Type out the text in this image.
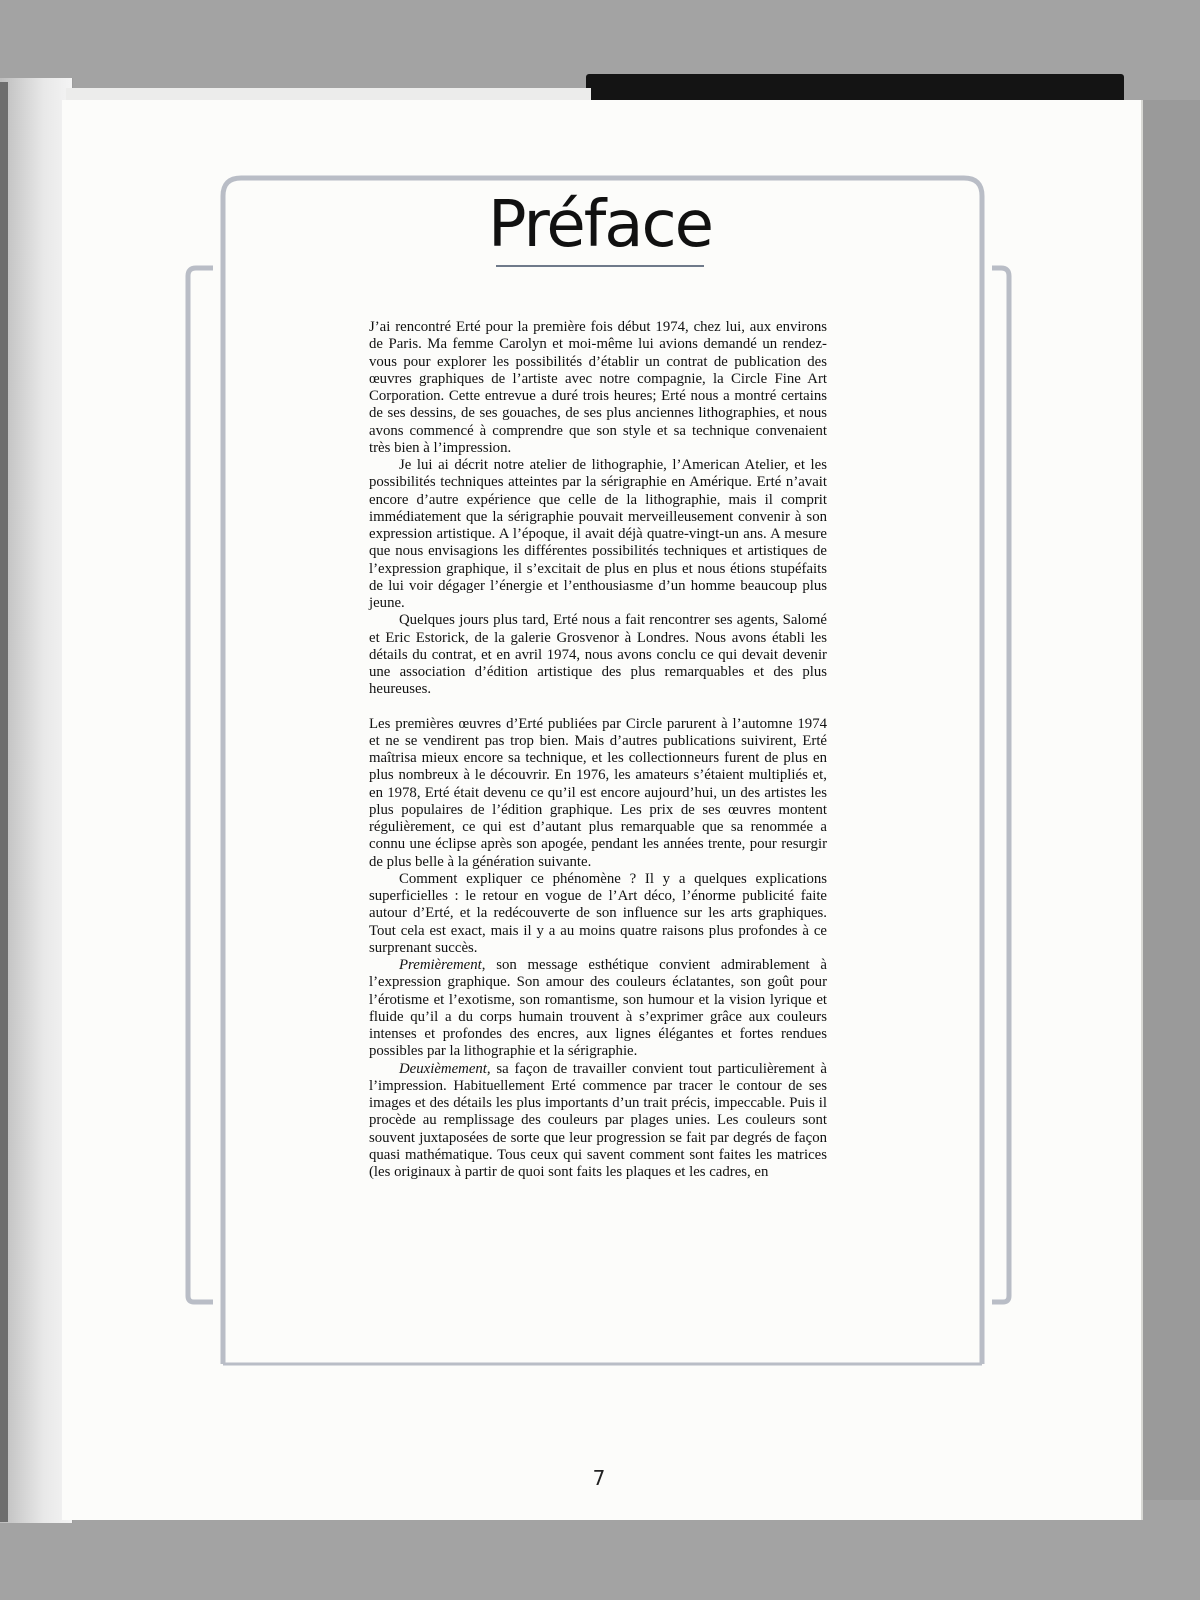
Préface

J’ai rencontré Erté pour la première fois début 1974, chez lui, aux environs de Paris. Ma femme Carolyn et moi-même lui avions demandé un rendez-vous pour explorer les possibilités d’établir un contrat de publication des œuvres graphiques de l’artiste avec notre compagnie, la Circle Fine Art Corporation. Cette entrevue a duré trois heures; Erté nous a montré certains de ses dessins, de ses gouaches, de ses plus anciennes lithographies, et nous avons commencé à comprendre que son style et sa technique convenaient très bien à l’impression.

Je lui ai décrit notre atelier de lithographie, l’American Atelier, et les possibilités techniques atteintes par la sérigraphie en Amérique. Erté n’avait encore d’autre expérience que celle de la lithographie, mais il comprit immédiatement que la sérigraphie pouvait merveilleusement convenir à son expression artistique. A l’époque, il avait déjà quatre-vingt-un ans. A mesure que nous envisagions les différentes possibilités techniques et artistiques de l’expression graphique, il s’excitait de plus en plus et nous étions stupéfaits de lui voir dégager l’énergie et l’enthousiasme d’un homme beaucoup plus jeune.

Quelques jours plus tard, Erté nous a fait rencontrer ses agents, Salomé et Eric Estorick, de la galerie Grosvenor à Londres. Nous avons établi les détails du contrat, et en avril 1974, nous avons conclu ce qui devait devenir une association d’édition artistique des plus remarquables et des plus heureuses.

Les premières œuvres d’Erté publiées par Circle parurent à l’automne 1974 et ne se vendirent pas trop bien. Mais d’autres publications suivirent, Erté maîtrisa mieux encore sa technique, et les collectionneurs furent de plus en plus nombreux à le découvrir. En 1976, les amateurs s’étaient multipliés et, en 1978, Erté était devenu ce qu’il est encore aujourd’hui, un des artistes les plus populaires de l’édition graphique. Les prix de ses œuvres montent régulièrement, ce qui est d’autant plus remarquable que sa renommée a connu une éclipse après son apogée, pendant les années trente, pour resurgir de plus belle à la génération suivante.

Comment expliquer ce phénomène ? Il y a quelques explications superficielles : le retour en vogue de l’Art déco, l’énorme publicité faite autour d’Erté, et la redécouverte de son influence sur les arts graphiques. Tout cela est exact, mais il y a au moins quatre raisons plus profondes à ce surprenant succès.

Premièrement, son message esthétique convient admirablement à l’expression graphique. Son amour des couleurs éclatantes, son goût pour l’érotisme et l’exotisme, son romantisme, son humour et la vision lyrique et fluide qu’il a du corps humain trouvent à s’exprimer grâce aux couleurs intenses et profondes des encres, aux lignes élégantes et fortes rendues possibles par la lithographie et la sérigraphie.

Deuxièmement, sa façon de travailler convient tout particulièrement à l’impression. Habituellement Erté commence par tracer le contour de ses images et des détails les plus importants d’un trait précis, impeccable. Puis il procède au remplissage des couleurs par plages unies. Les couleurs sont souvent juxtaposées de sorte que leur progression se fait par degrés de façon quasi mathématique. Tous ceux qui savent comment sont faites les matrices (les originaux à partir de quoi sont faits les plaques et les cadres, en

7
